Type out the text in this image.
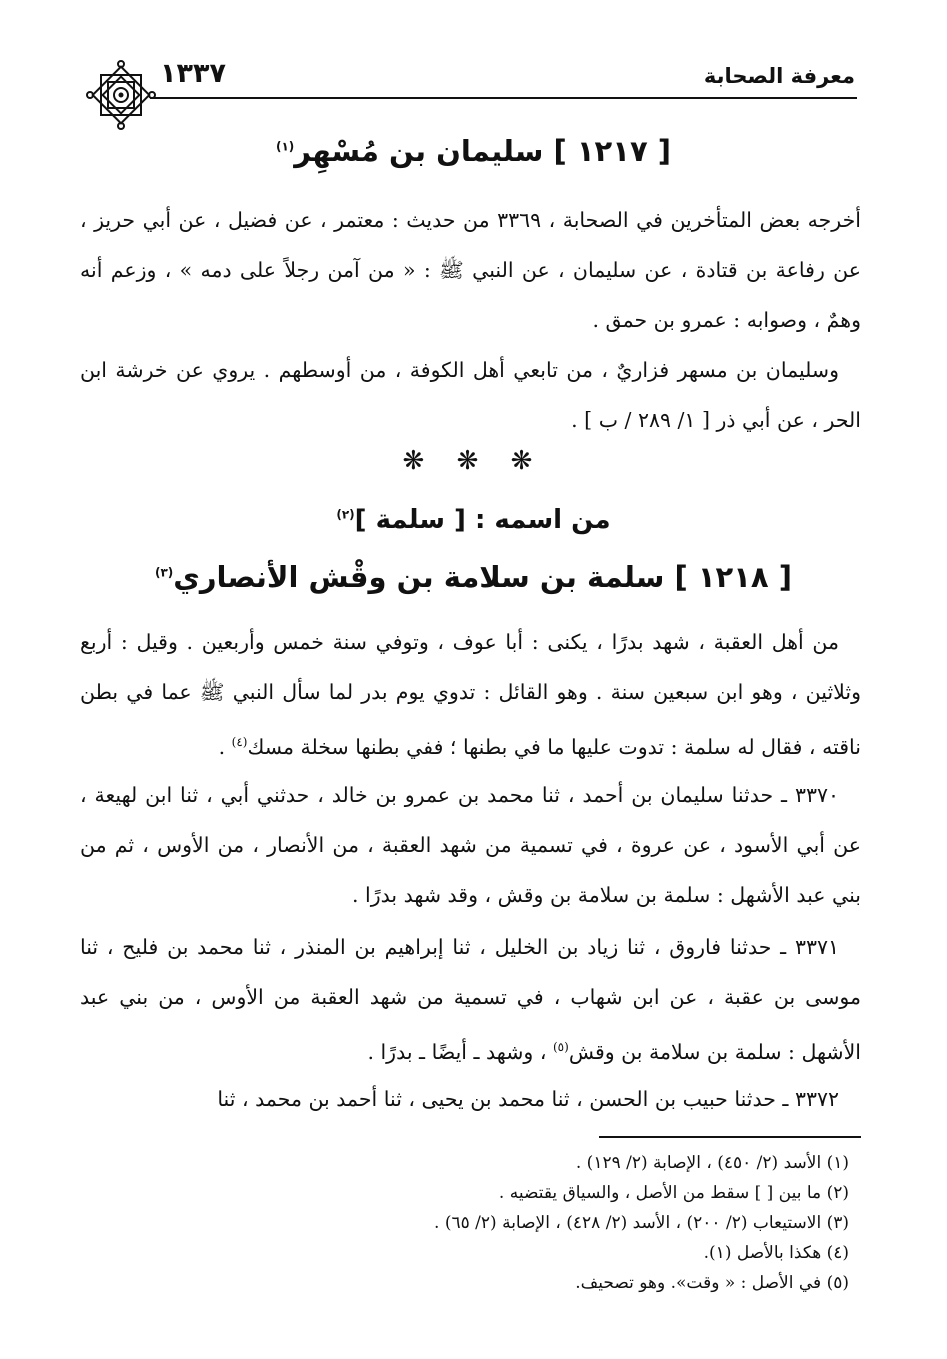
معرفة الصحابة
١٣٣٧
[ ١٢١٧ ] سليمان بن مُسْهِر$^{(١)}$
أخرجه بعض المتأخرين في الصحابة ، ٣٣٦٩ من حديث : معتمر ، عن فضيل ، عن أبي حريز ، عن رفاعة بن قتادة ، عن سليمان ، عن النبي ﷺ : « من آمن رجلاً على دمه » ، وزعم أنه وهمٌ ، وصوابه : عمرو بن حمق .
وسليمان بن مسهر فزاريٌ ، من تابعي أهل الكوفة ، من أوسطهم . يروي عن خرشة ابن الحر ، عن أبي ذر [ ١/ ٢٨٩ / ب ] .
❋ ❋ ❋
من اسمه : [ سلمة ]$^{(٢)}$
[ ١٢١٨ ] سلمة بن سلامة بن وقْش الأنصاري$^{(٣)}$
من أهل العقبة ، شهد بدرًا ، يكنى : أبا عوف ، وتوفي سنة خمس وأربعين . وقيل : أربع وثلاثين ، وهو ابن سبعين سنة . وهو القائل : تدوي يوم بدر لما سأل النبي ﷺ عما في بطن ناقته ، فقال له سلمة : تدوت عليها ما في بطنها ؛ ففي بطنها سخلة مسك$^{(٤)}$ .
٣٣٧٠ ـ حدثنا سليمان بن أحمد ، ثنا محمد بن عمرو بن خالد ، حدثني أبي ، ثنا ابن لهيعة ، عن أبي الأسود ، عن عروة ، في تسمية من شهد العقبة ، من الأنصار ، من الأوس ، ثم من بني عبد الأشهل : سلمة بن سلامة بن وقش ، وقد شهد بدرًا .
٣٣٧١ ـ حدثنا فاروق ، ثنا زياد بن الخليل ، ثنا إبراهيم بن المنذر ، ثنا محمد بن فليح ، ثنا موسى بن عقبة ، عن ابن شهاب ، في تسمية من شهد العقبة من الأوس ، من بني عبد الأشهل : سلمة بن سلامة بن وقش$^{(٥)}$ ، وشهد ـ أيضًا ـ بدرًا .
٣٣٧٢ ـ حدثنا حبيب بن الحسن ، ثنا محمد بن يحيى ، ثنا أحمد بن محمد ، ثنا
(١) الأسد (٢/ ٤٥٠) ، الإصابة (٢/ ١٢٩) .
(٢) ما بين [ ] سقط من الأصل ، والسياق يقتضيه .
(٣) الاستيعاب (٢/ ٢٠٠) ، الأسد (٢/ ٤٢٨) ، الإصابة (٢/ ٦٥) .
(٤) هكذا بالأصل (١).
(٥) في الأصل : « وقت». وهو تصحيف.
